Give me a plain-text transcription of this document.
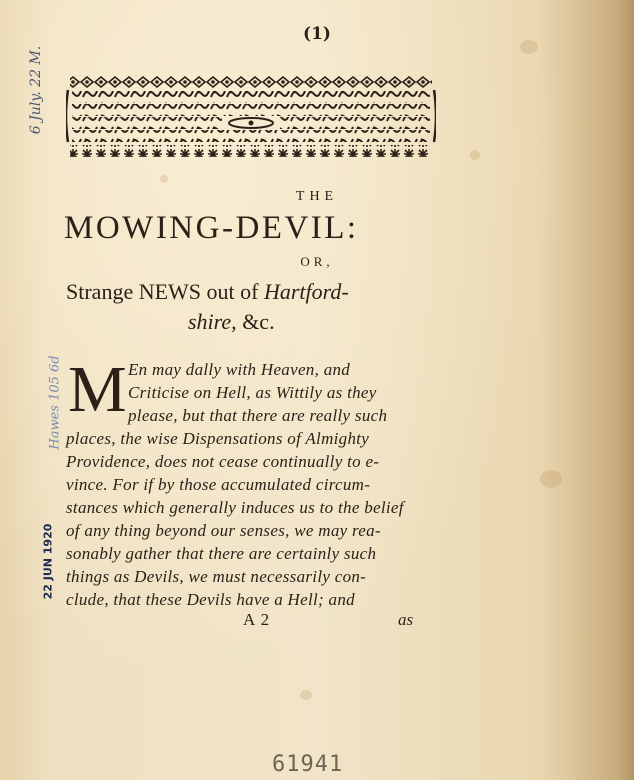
(1)
THE
MOWING-DEVIL:
OR,
Strange NEWS out of Hartford-
shire, &c.
M En may dally with Heaven, and
Criticise on Hell, as Wittily as they
please, but that there are really such
places, the wise Dispensations of Almighty
Providence, does not cease continually to e-
vince. For if by those accumulated circum-
stances which generally induces us to the belief
of any thing beyond our senses, we may rea-
sonably gather that there are certainly such
things as Devils, we must necessarily con-
clude, that these Devils have a Hell; and
A 2	as
6 July. 22 M.
Hawes 105 6d
22 JUN 1920
61941
